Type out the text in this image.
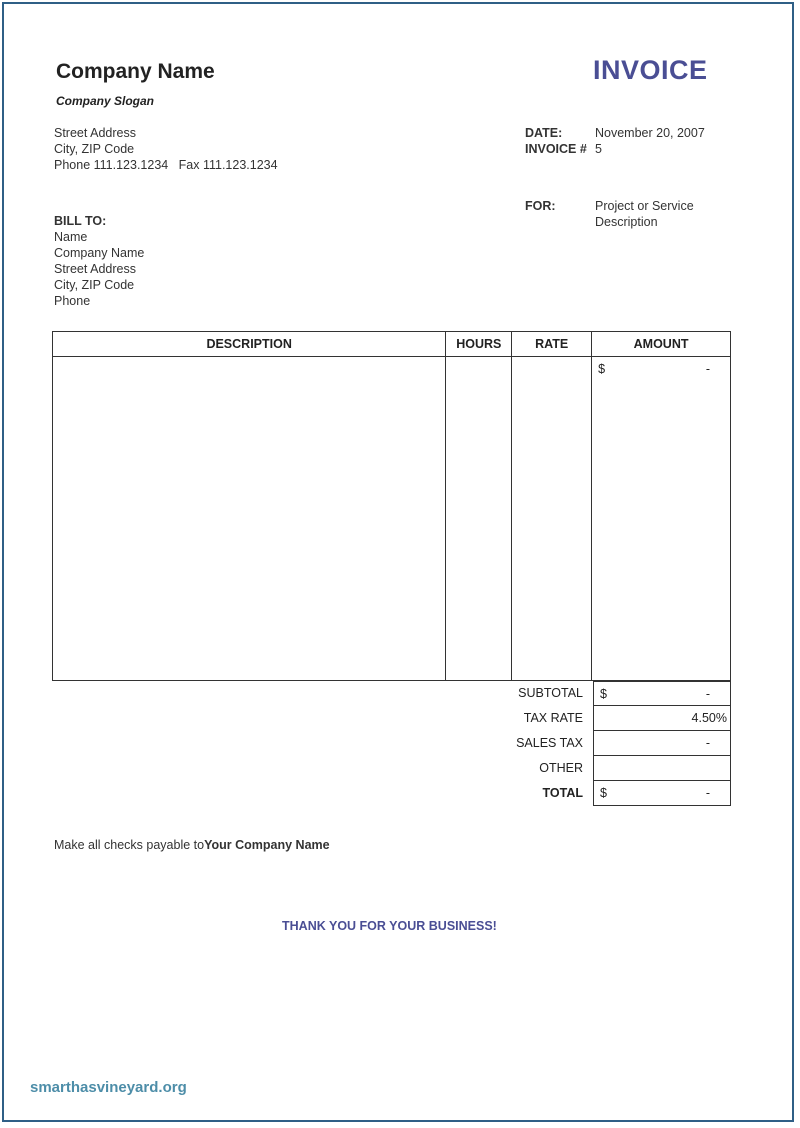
Company Name
Company Slogan
INVOICE
Street Address
City, ZIP Code
Phone 111.123.1234   Fax 111.123.1234
DATE:	November 20, 2007
INVOICE # 5
FOR:	Project or Service
Description
BILL TO:
Name
Company Name
Street Address
City, ZIP Code
Phone
DESCRIPTION	HOURS	RATE	AMOUNT

			$ -
SUBTOTAL $	-
TAX RATE	4.50%
SALES TAX	-
OTHER
TOTAL $	-
Make all checks payable toYour Company Name
THANK YOU FOR YOUR BUSINESS!
smarthasvineyard.org
